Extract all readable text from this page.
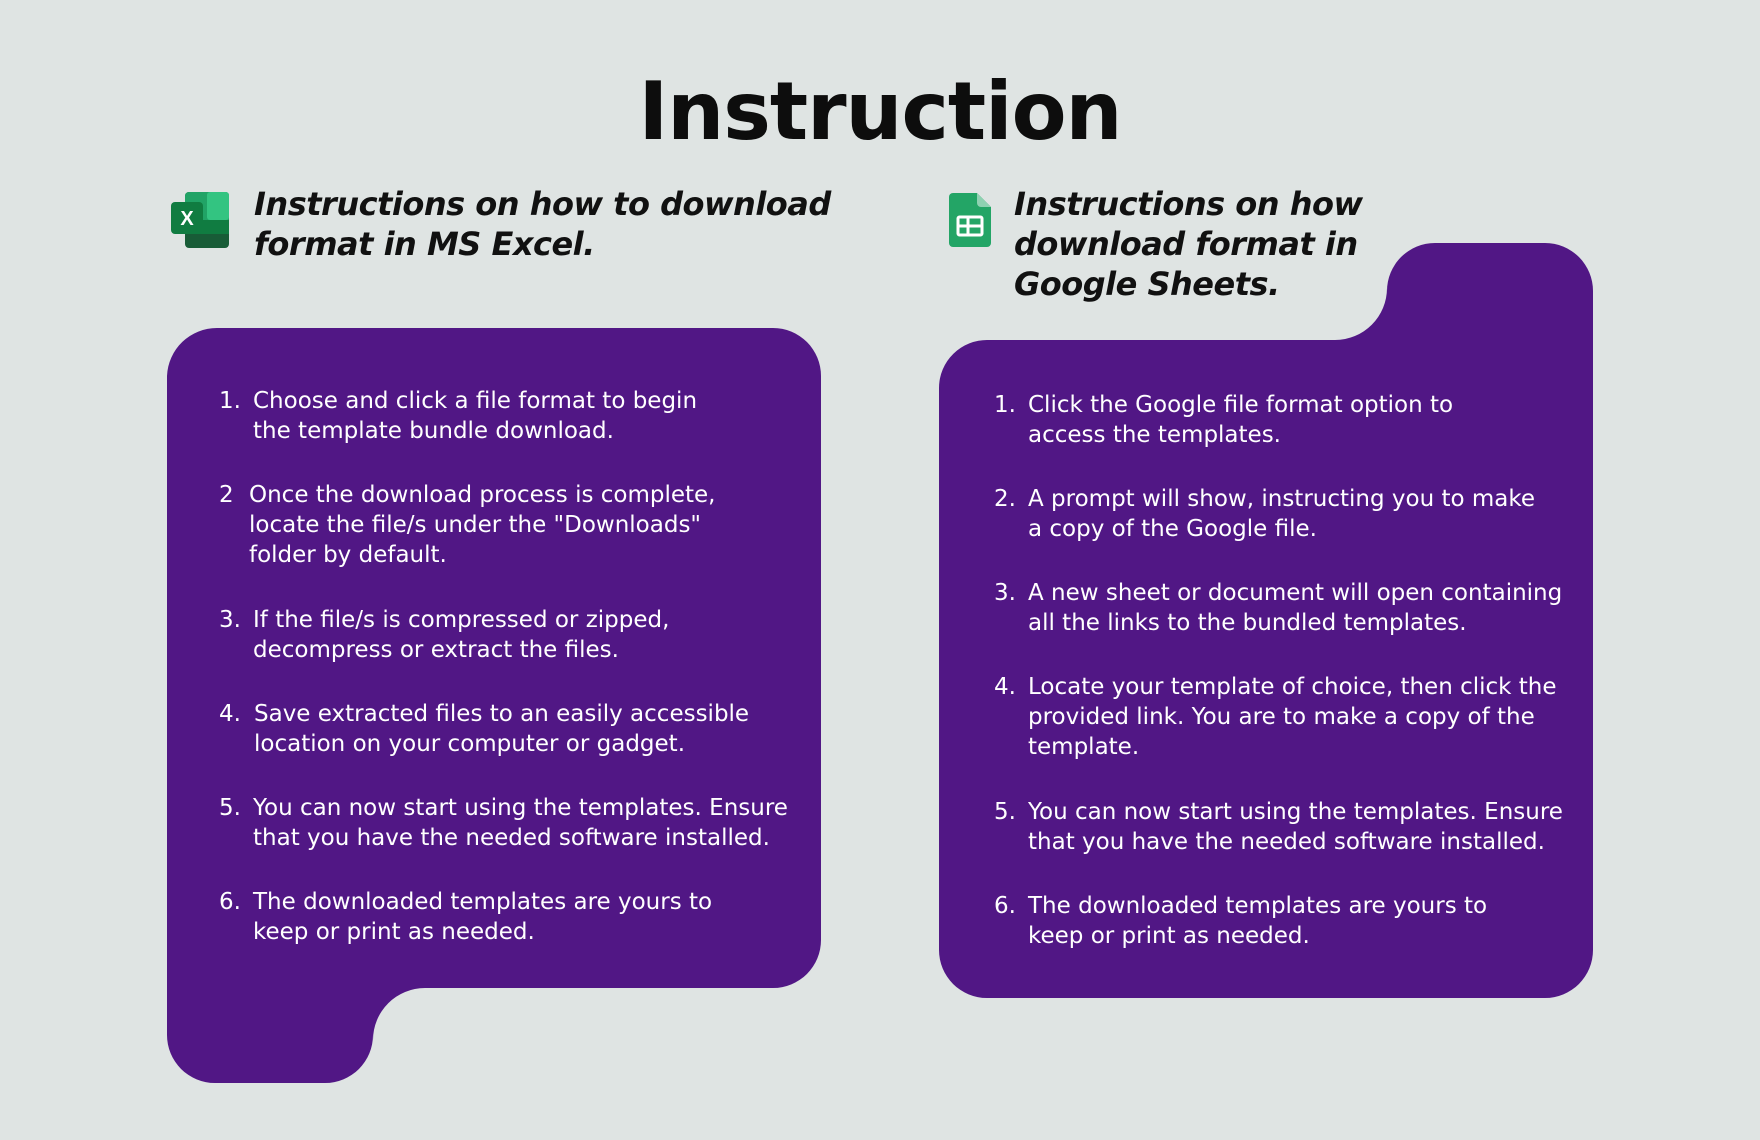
Instruction
X Instructions on how to download
format in MS Excel.
Instructions on how
download format in
Google Sheets.
1. Choose and click a file format to begin
the template bundle download.
2 Once the download process is complete,
locate the file/s under the "Downloads"
folder by default.
3. If the file/s is compressed or zipped,
decompress or extract the files.
4. Save extracted files to an easily accessible
location on your computer or gadget.
5. You can now start using the templates. Ensure
that you have the needed software installed.
6. The downloaded templates are yours to
keep or print as needed.
1. Click the Google file format option to
access the templates.
2. A prompt will show, instructing you to make
a copy of the Google file.
3. A new sheet or document will open containing
all the links to the bundled templates.
4. Locate your template of choice, then click the
provided link. You are to make a copy of the
template.
5. You can now start using the templates. Ensure
that you have the needed software installed.
6. The downloaded templates are yours to
keep or print as needed.
